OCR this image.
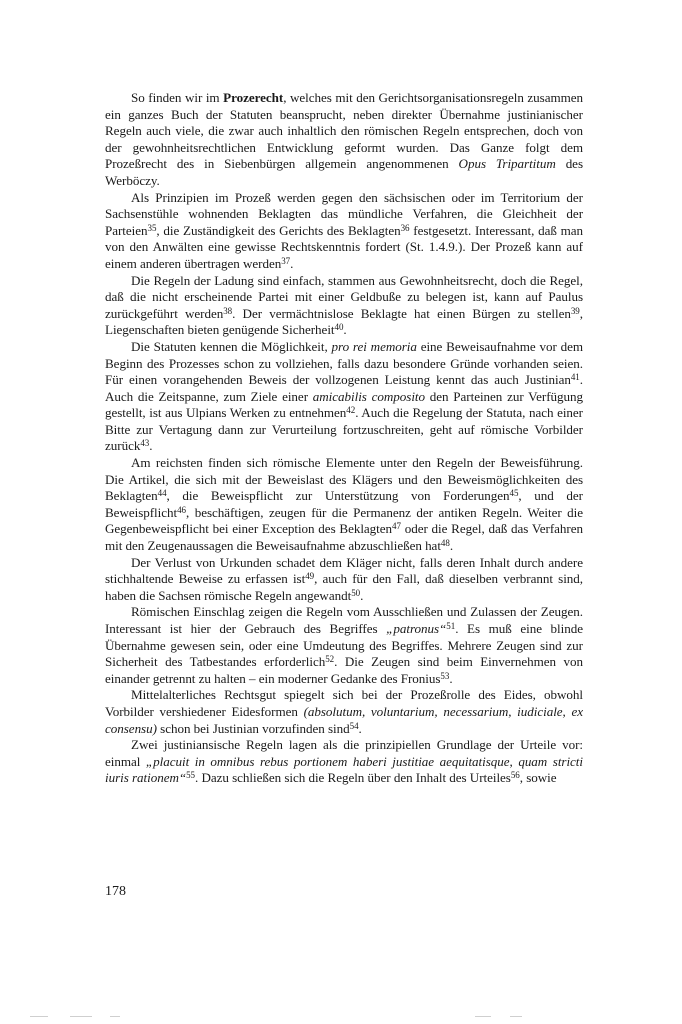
So finden wir im Prozerecht, welches mit den Gerichtsorganisationsregeln zusammen ein ganzes Buch der Statuten beansprucht, neben direkter Übernahme justinianischer Regeln auch viele, die zwar auch inhaltlich den römischen Regeln entsprechen, doch von der gewohnheitsrechtlichen Entwicklung geformt wurden. Das Ganze folgt dem Prozeßrecht des in Siebenbürgen allgemein angenommenen Opus Tripartitum des Werböczy.

Als Prinzipien im Prozeß werden gegen den sächsischen oder im Territorium der Sachsenstühle wohnenden Beklagten das mündliche Verfahren, die Gleichheit der Parteien$^{35}$, die Zuständigkeit des Gerichts des Beklagten$^{36}$ festgesetzt. Interessant, daß man von den Anwälten eine gewisse Rechtskenntnis fordert (St. 1.4.9.). Der Prozeß kann auf einem anderen übertragen werden$^{37}$.

Die Regeln der Ladung sind einfach, stammen aus Gewohnheitsrecht, doch die Regel, daß die nicht erscheinende Partei mit einer Geldbuße zu belegen ist, kann auf Paulus zurückgeführt werden$^{38}$. Der vermächtnislose Beklagte hat einen Bürgen zu stellen$^{39}$, Liegenschaften bieten genügende Sicherheit$^{40}$.

Die Statuten kennen die Möglichkeit, pro rei memoria eine Beweisaufnahme vor dem Beginn des Prozesses schon zu vollziehen, falls dazu besondere Gründe vorhanden seien. Für einen vorangehenden Beweis der vollzogenen Leistung kennt das auch Justinian$^{41}$. Auch die Zeitspanne, zum Ziele einer amicabilis composito den Parteinen zur Verfügung gestellt, ist aus Ulpians Werken zu entnehmen$^{42}$. Auch die Regelung der Statuta, nach einer Bitte zur Vertagung dann zur Verurteilung fortzuschreiten, geht auf römische Vorbilder zurück$^{43}$.

Am reichsten finden sich römische Elemente unter den Regeln der Beweisführung. Die Artikel, die sich mit der Beweislast des Klägers und den Beweismöglichkeiten des Beklagten$^{44}$, die Beweispflicht zur Unterstützung von Forderungen$^{45}$, und der Beweispflicht$^{46}$, beschäftigen, zeugen für die Permanenz der antiken Regeln. Weiter die Gegenbeweispflicht bei einer Exception des Beklagten$^{47}$ oder die Regel, daß das Verfahren mit den Zeugenaussagen die Beweisaufnahme abzuschließen hat$^{48}$.

Der Verlust von Urkunden schadet dem Kläger nicht, falls deren Inhalt durch andere stichhaltende Beweise zu erfassen ist$^{49}$, auch für den Fall, daß dieselben verbrannt sind, haben die Sachsen römische Regeln angewandt$^{50}$.

Römischen Einschlag zeigen die Regeln vom Ausschließen und Zulassen der Zeugen. Interessant ist hier der Gebrauch des Begriffes „patronus“$^{51}$. Es muß eine blinde Übernahme gewesen sein, oder eine Umdeutung des Begriffes. Mehrere Zeugen sind zur Sicherheit des Tatbestandes erforderlich$^{52}$. Die Zeugen sind beim Einvernehmen von einander getrennt zu halten – ein moderner Gedanke des Fronius$^{53}$.

Mittelalterliches Rechtsgut spiegelt sich bei der Prozeßrolle des Eides, obwohl Vorbilder vershiedener Eidesformen (absolutum, voluntarium, necessarium, iudiciale, ex consensu) schon bei Justinian vorzufinden sind$^{54}$.

Zwei justiniansische Regeln lagen als die prinzipiellen Grundlage der Urteile vor: einmal „placuit in omnibus rebus portionem haberi justitiae aequitatisque, quam stricti iuris rationem“$^{55}$. Dazu schließen sich die Regeln über den Inhalt des Urteiles$^{56}$, sowie

178
